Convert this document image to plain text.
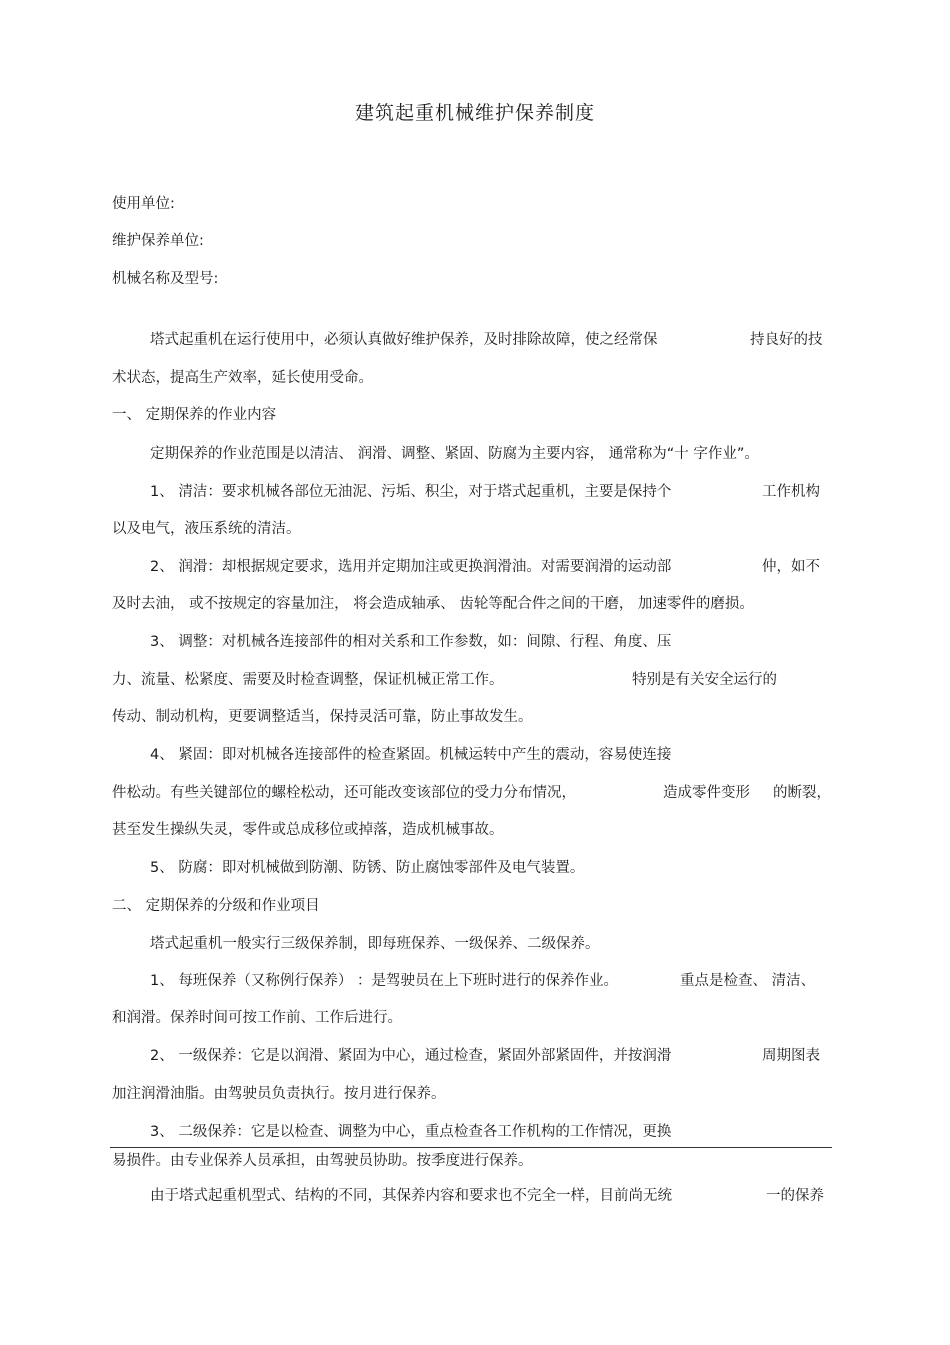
建筑起重机械维护保养制度
使用单位:
维护保养单位:
机械名称及型号:
塔式起重机在运行使用中，必须认真做好维护保养，及时排除故障，使之经常保	持良好的技
术状态，提高生产效率，延长使用受命。
一、 定期保养的作业内容
定期保养的作业范围是以清洁、 润滑、调整、紧固、防腐为主要内容， 通常称为“十 字作业”。
1、 清洁：要求机械各部位无油泥、污垢、积尘，对于塔式起重机，主要是保持个	工作机构
以及电气，液压系统的清洁。
2、 润滑：却根据规定要求，选用并定期加注或更换润滑油。对需要润滑的运动部	仲，如不
及时去油， 或不按规定的容量加注， 将会造成轴承、 齿轮等配合件之间的干磨， 加速零件的磨损。
3、 调整：对机械各连接部件的相对关系和工作参数，如：间隙、行程、角度、压
力、流量、松紧度、需要及时检查调整，保证机械正常工作。	特别是有关安全运行的
传动、制动机构，更要调整适当，保持灵活可靠，防止事故发生。
4、 紧固：即对机械各连接部件的检查紧固。机械运转中产生的震动，容易使连接
件松动。有些关键部位的螺栓松动，还可能改变该部位的受力分布情况，	造成零件变形 的断裂，
甚至发生操纵失灵，零件或总成移位或掉落，造成机械事故。
5、 防腐：即对机械做到防潮、防锈、防止腐蚀零部件及电气装置。
二、 定期保养的分级和作业项目
塔式起重机一般实行三级保养制，即每班保养、一级保养、二级保养。
1、 每班保养（又称例行保养） ：是驾驶员在上下班时进行的保养作业。	重点是检查、 清洁、
和润滑。保养时间可按工作前、工作后进行。
2、 一级保养：它是以润滑、紧固为中心，通过检查，紧固外部紧固件，并按润滑	周期图表
加注润滑油脂。由驾驶员负责执行。按月进行保养。
3、 二级保养：它是以检查、调整为中心，重点检查各工作机构的工作情况，更换
易损件。由专业保养人员承担，由驾驶员协助。按季度进行保养。
由于塔式起重机型式、结构的不同，其保养内容和要求也不完全一样，目前尚无统	一的保养
